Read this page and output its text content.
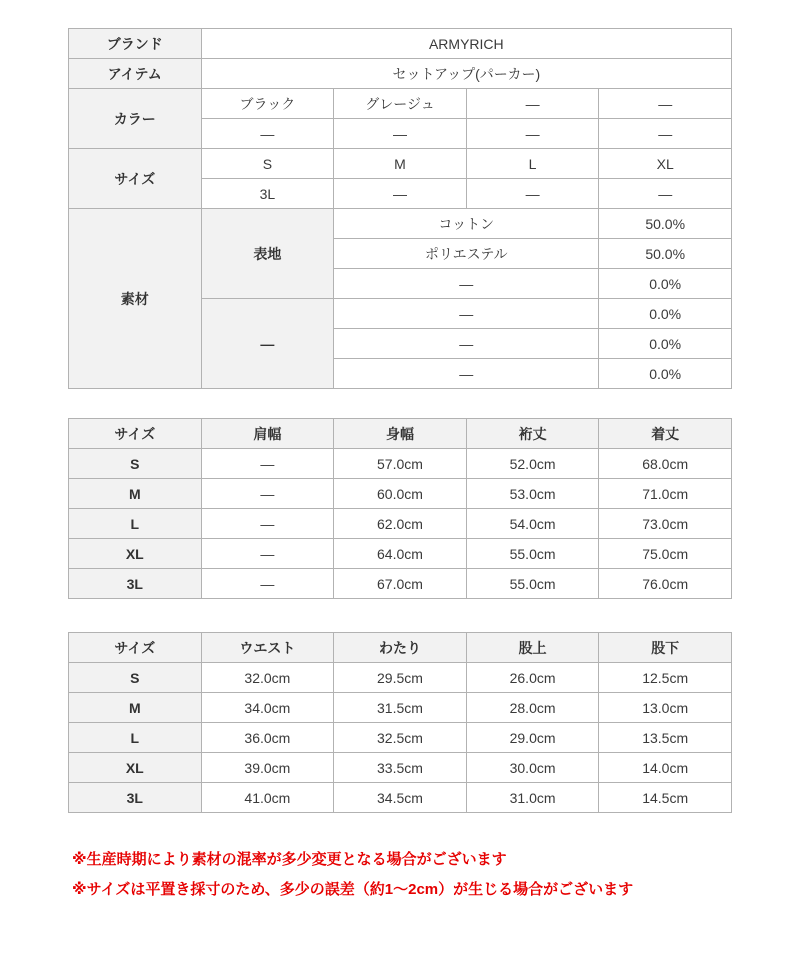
ブランド	ARMYRICH			
アイテム	セットアップ(パーカー)			
カラー	ブラック	グレージュ	—	—
	—	—	—	—
サイズ	S	M	L	XL
	3L	—	—	—
素材	表地	コットン		50.0%
		ポリエステル		50.0%
		—		0.0%
	—	—		0.0%
		—		0.0%
		—		0.0%
サイズ	肩幅	身幅	裄丈	着丈
S	—	57.0cm	52.0cm	68.0cm
M	—	60.0cm	53.0cm	71.0cm
L	—	62.0cm	54.0cm	73.0cm
XL	—	64.0cm	55.0cm	75.0cm
3L	—	67.0cm	55.0cm	76.0cm
サイズ	ウエスト	わたり	股上	股下
S	32.0cm	29.5cm	26.0cm	12.5cm
M	34.0cm	31.5cm	28.0cm	13.0cm
L	36.0cm	32.5cm	29.0cm	13.5cm
XL	39.0cm	33.5cm	30.0cm	14.0cm
3L	41.0cm	34.5cm	31.0cm	14.5cm
※生産時期により素材の混率が多少変更となる場合がございます
※サイズは平置き採寸のため、多少の誤差（約1～2cm）が生じる場合がございます
